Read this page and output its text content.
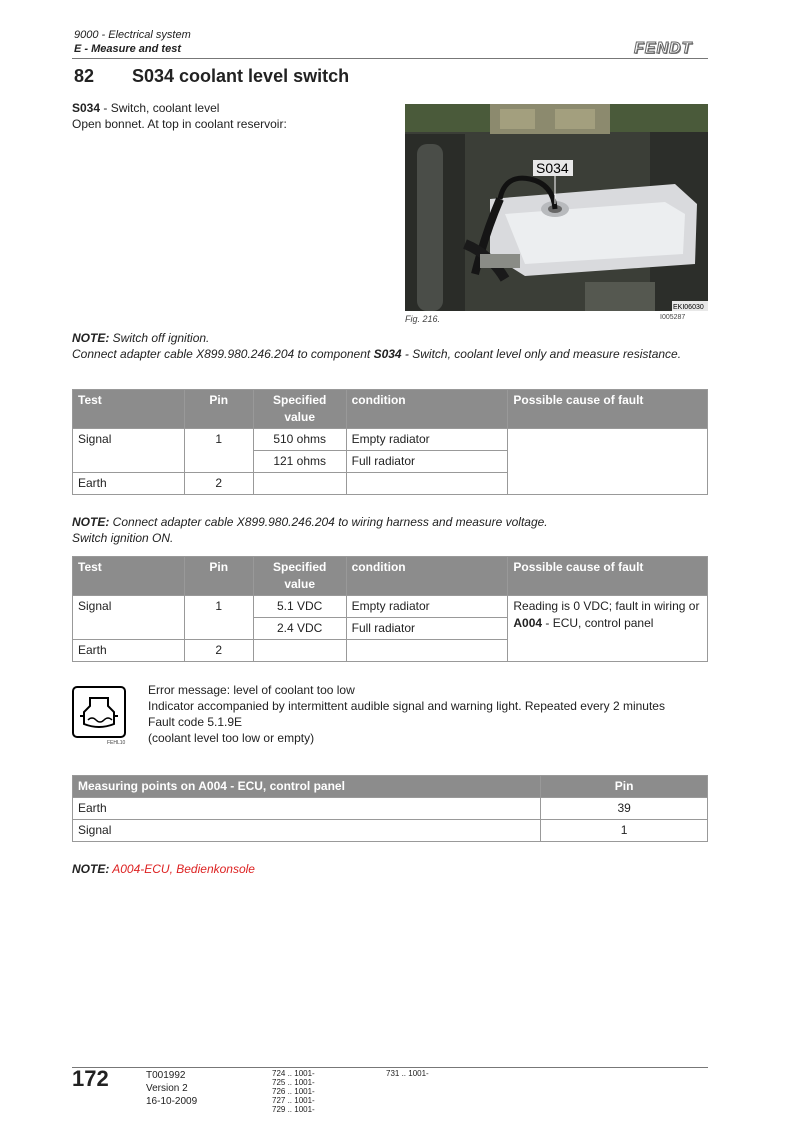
9000 - Electrical system
E - Measure and test	FENDT
82 S034 coolant level switch
S034 - Switch, coolant level
Open bonnet. At top in coolant reservoir:
S034
EKI06030
Fig. 216.	I005287
NOTE: Switch off ignition.
Connect adapter cable X899.980.246.204 to component S034 - Switch, coolant level only and measure resistance.
Test	Pin	Specified value	condition	Possible cause of fault
Signal	1	510 ohms	Empty radiator	
		121 ohms	Full radiator	
Earth	2			
NOTE: Connect adapter cable X899.980.246.204 to wiring harness and measure voltage.
Switch ignition ON.
Test	Pin	Specified value	condition	Possible cause of fault
Signal	1	5.1 VDC	Empty radiator	Reading is 0 VDC; fault in wiring or A004 - ECU, control panel
		2.4 VDC	Full radiator	
Earth	2			
FEHL10
Error message: level of coolant too low
Indicator accompanied by intermittent audible signal and warning light. Repeated every 2 minutes
Fault code 5.1.9E
(coolant level too low or empty)
Measuring points on A004 - ECU, control panel	Pin
Earth	39
Signal	1
NOTE: A004-ECU, Bedienkonsole
172	T001992
Version 2
16-10-2009
724 .. 1001-
725 .. 1001-
726 .. 1001-
727 .. 1001-
729 .. 1001-
731 .. 1001-
